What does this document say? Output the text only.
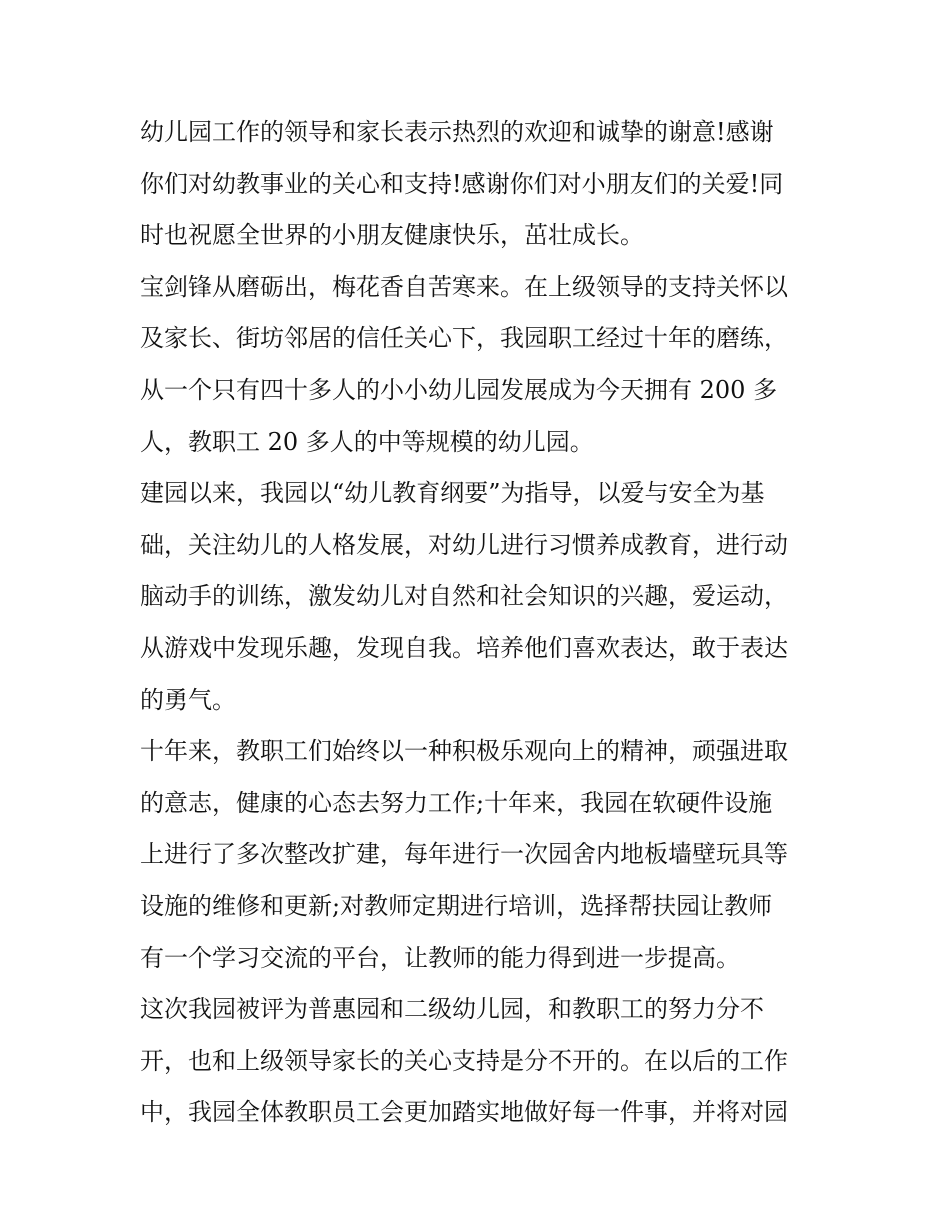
幼儿园工作的领导和家长表示热烈的欢迎和诚挚的谢意!感谢
你们对幼教事业的关心和支持!感谢你们对小朋友们的关爱!同
时也祝愿全世界的小朋友健康快乐，茁壮成长。
宝剑锋从磨砺出，梅花香自苦寒来。在上级领导的支持关怀以
及家长、街坊邻居的信任关心下，我园职工经过十年的磨练，
从一个只有四十多人的小小幼儿园发展成为今天拥有 200 多
人，教职工 20 多人的中等规模的幼儿园。
建园以来，我园以“幼儿教育纲要”为指导，以爱与安全为基
础，关注幼儿的人格发展，对幼儿进行习惯养成教育，进行动
脑动手的训练，激发幼儿对自然和社会知识的兴趣，爱运动，
从游戏中发现乐趣，发现自我。培养他们喜欢表达，敢于表达
的勇气。
十年来，教职工们始终以一种积极乐观向上的精神，顽强进取
的意志，健康的心态去努力工作;十年来，我园在软硬件设施
上进行了多次整改扩建，每年进行一次园舍内地板墙壁玩具等
设施的维修和更新;对教师定期进行培训，选择帮扶园让教师
有一个学习交流的平台，让教师的能力得到进一步提高。
这次我园被评为普惠园和二级幼儿园，和教职工的努力分不
开，也和上级领导家长的关心支持是分不开的。在以后的工作
中，我园全体教职员工会更加踏实地做好每一件事，并将对园
